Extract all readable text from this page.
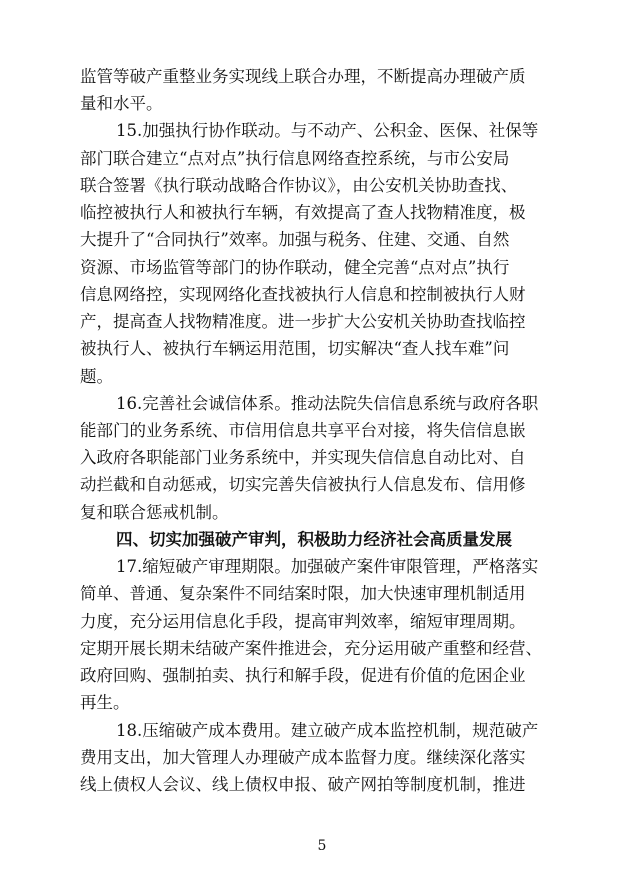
监管等破产重整业务实现线上联合办理，不断提高办理破产质
量和水平。
15.加强执行协作联动。与不动产、公积金、医保、社保等
部门联合建立“点对点”执行信息网络查控系统，与市公安局
联合签署《执行联动战略合作协议》，由公安机关协助查找、
临控被执行人和被执行车辆，有效提高了查人找物精准度，极
大提升了“合同执行”效率。加强与税务、住建、交通、自然
资源、市场监管等部门的协作联动，健全完善“点对点”执行
信息网络控，实现网络化查找被执行人信息和控制被执行人财
产，提高查人找物精准度。进一步扩大公安机关协助查找临控
被执行人、被执行车辆运用范围，切实解决“查人找车难”问
题。
16.完善社会诚信体系。推动法院失信信息系统与政府各职
能部门的业务系统、市信用信息共享平台对接，将失信信息嵌
入政府各职能部门业务系统中，并实现失信信息自动比对、自
动拦截和自动惩戒，切实完善失信被执行人信息发布、信用修
复和联合惩戒机制。
四、切实加强破产审判，积极助力经济社会高质量发展
17.缩短破产审理期限。加强破产案件审限管理，严格落实
简单、普通、复杂案件不同结案时限，加大快速审理机制适用
力度，充分运用信息化手段，提高审判效率，缩短审理周期。
定期开展长期未结破产案件推进会，充分运用破产重整和经营、
政府回购、强制拍卖、执行和解手段，促进有价值的危困企业
再生。
18.压缩破产成本费用。建立破产成本监控机制，规范破产
费用支出，加大管理人办理破产成本监督力度。继续深化落实
线上债权人会议、线上债权申报、破产网拍等制度机制，推进
5
